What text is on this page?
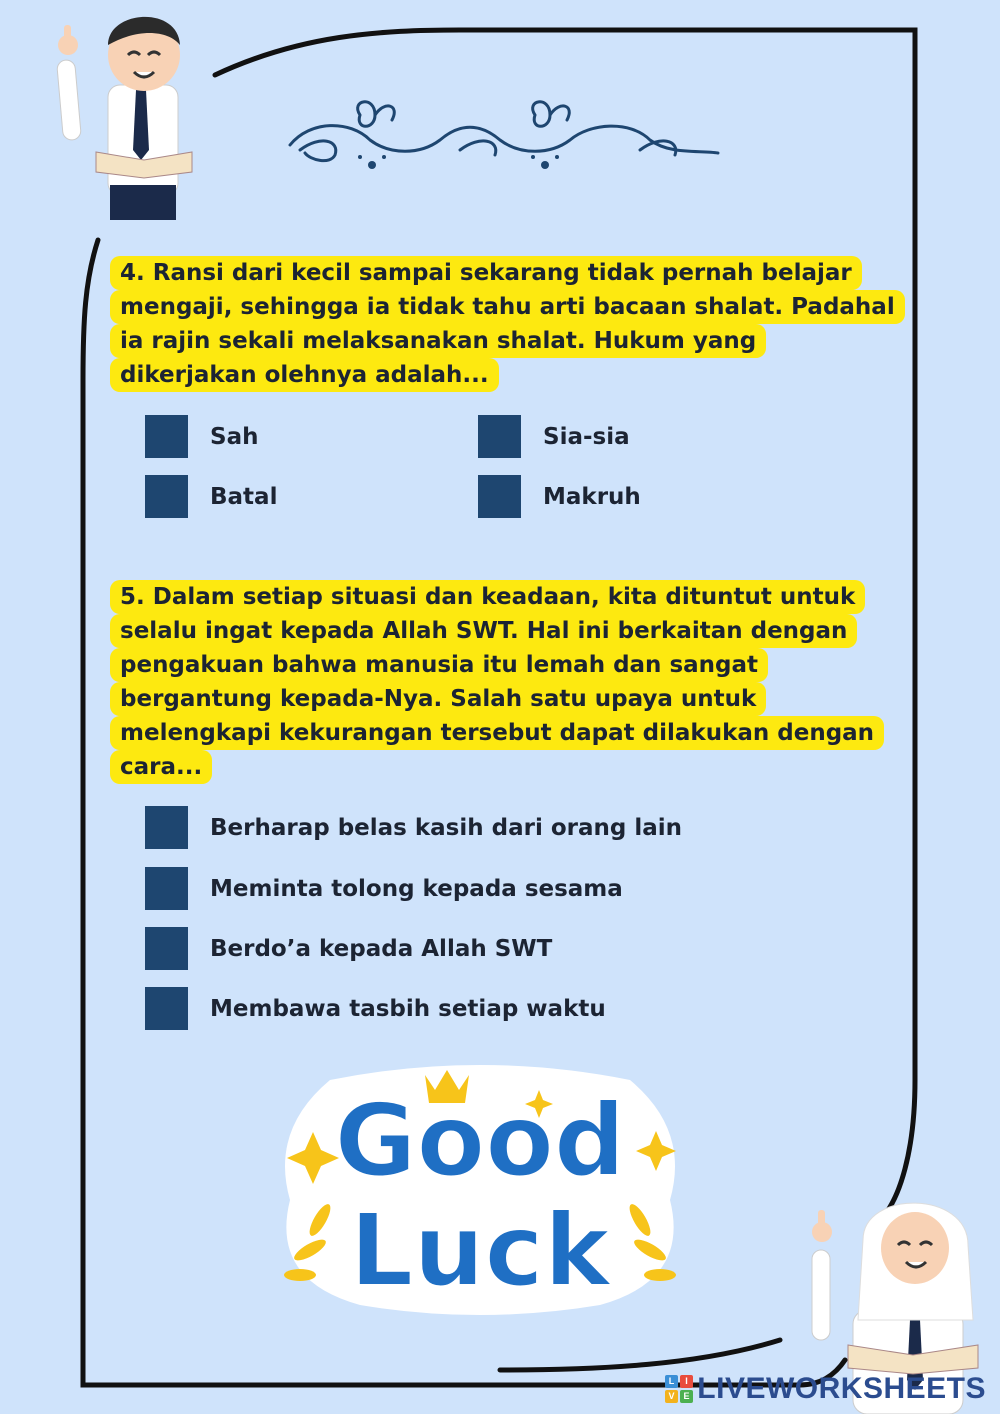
4. Ransi dari kecil sampai sekarang tidak pernah belajar
mengaji, sehingga ia tidak tahu arti bacaan shalat. Padahal
ia rajin sekali melaksanakan shalat. Hukum yang
dikerjakan olehnya adalah...
Sah	Sia-sia
Batal	Makruh
5. Dalam setiap situasi dan keadaan, kita dituntut untuk
selalu ingat kepada Allah SWT. Hal ini berkaitan dengan
pengakuan bahwa manusia itu lemah dan sangat
bergantung kepada-Nya. Salah satu upaya untuk
melengkapi kekurangan tersebut dapat dilakukan dengan
cara...
Berharap belas kasih dari orang lain
Meminta tolong kepada sesama
Berdo’a kepada Allah SWT
Membawa tasbih setiap waktu
Good
Luck
L	I
V E LIVEWORKSHEETS
